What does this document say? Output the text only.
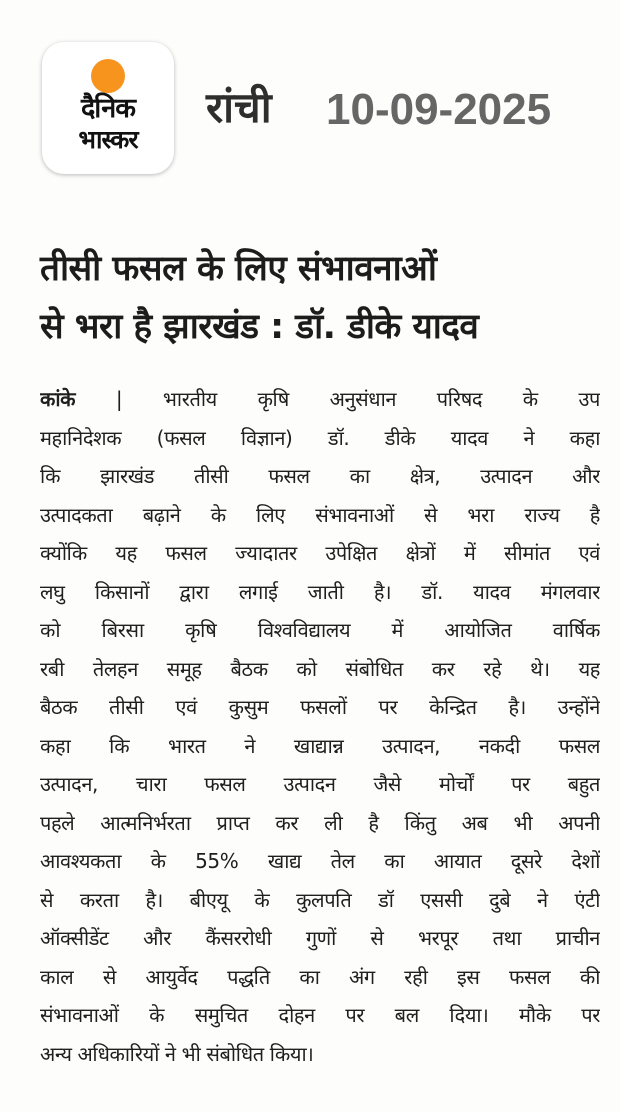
दैनिक
भास्कर
रांची 10-09-2025
तीसी फसल के लिए संभावनाओं
से भरा है झारखंड : डॉ. डीके यादव
कांके | भारतीय कृषि अनुसंधान परिषद के उप
महानिदेशक (फसल विज्ञान) डॉ. डीके यादव ने कहा
कि झारखंड तीसी फसल का क्षेत्र, उत्पादन और
उत्पादकता बढ़ाने के लिए संभावनाओं से भरा राज्य है
क्योंकि यह फसल ज्यादातर उपेक्षित क्षेत्रों में सीमांत एवं
लघु किसानों द्वारा लगाई जाती है। डॉ. यादव मंगलवार
को बिरसा कृषि विश्वविद्यालय में आयोजित वार्षिक
रबी तेलहन समूह बैठक को संबोधित कर रहे थे। यह
बैठक तीसी एवं कुसुम फसलों पर केन्द्रित है। उन्होंने
कहा कि भारत ने खाद्यान्न उत्पादन, नकदी फसल
उत्पादन, चारा फसल उत्पादन जैसे मोर्चों पर बहुत
पहले आत्मनिर्भरता प्राप्त कर ली है किंतु अब भी अपनी
आवश्यकता के 55% खाद्य तेल का आयात दूसरे देशों
से करता है। बीएयू के कुलपति डॉ एससी दुबे ने एंटी
ऑक्सीडेंट और कैंसररोधी गुणों से भरपूर तथा प्राचीन
काल से आयुर्वेद पद्धति का अंग रही इस फसल की
संभावनाओं के समुचित दोहन पर बल दिया। मौके पर
अन्य अधिकारियों ने भी संबोधित किया।
